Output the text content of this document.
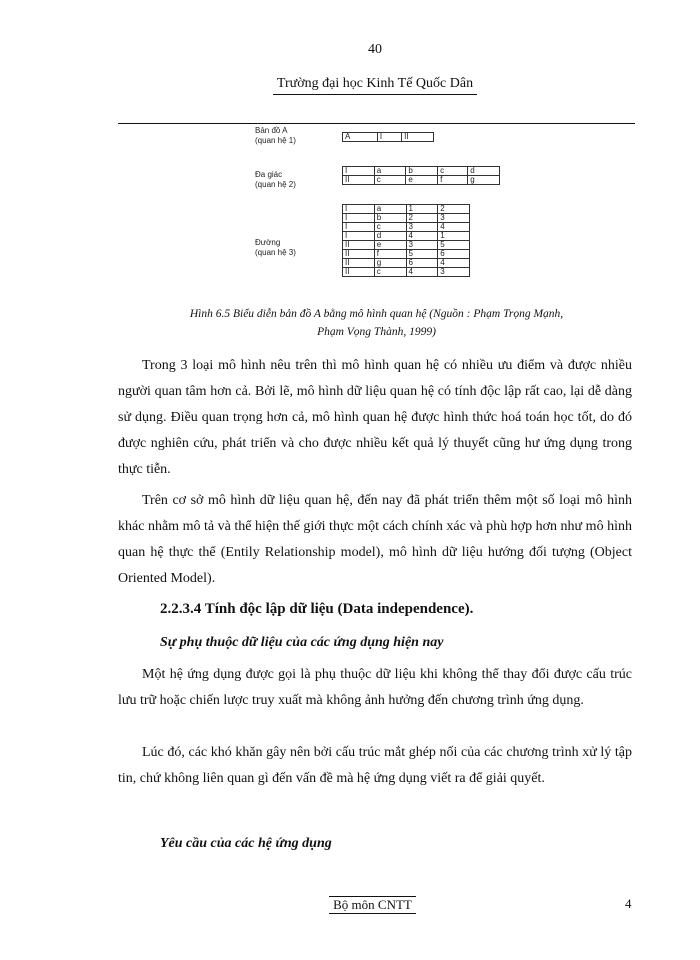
40
Trường đại học Kinh Tế Quốc Dân
Bản đồ A
(quan hệ 1)	A	I	II
Đa giác
(quan hệ 2)
I	a	b	c	d
II	c	e	f	g
Đường
(quan hệ 3)
I	a	1	2
I	b	2	3
I	c	3	4
I	d	4	1
II	e	3	5
II	f	5	6
II	g	6	4
II	c	4	3
Hình 6.5 Biểu diễn bản đồ A bằng mô hình quan hệ (Nguồn : Phạm Trọng Mạnh,
Phạm Vọng Thành, 1999)
Trong 3 loại mô hình nêu trên thì mô hình quan hệ có nhiều ưu điểm và được nhiều người quan tâm hơn cả. Bởi lẽ, mô hình dữ liệu quan hệ có tính độc lập rất cao, lại dễ dàng sử dụng. Điều quan trọng hơn cả, mô hình quan hệ được hình thức hoá toán học tốt, do đó được nghiên cứu, phát triển và cho được nhiều kết quả lý thuyết cũng hư ứng dụng trong thực tiễn.
Trên cơ sở mô hình dữ liệu quan hệ, đến nay đã phát triển thêm một số loại mô hình khác nhằm mô tả và thể hiện thế giới thực một cách chính xác và phù hợp hơn như mô hình quan hệ thực thể (Entily Relationship model), mô hình dữ liệu hướng đối tượng (Object Oriented Model).
2.2.3.4 Tính độc lập dữ liệu (Data independence).
Sự phụ thuộc dữ liệu của các ứng dụng hiện nay
Một hệ ứng dụng được gọi là phụ thuộc dữ liệu khi không thể thay đổi được cấu trúc lưu trữ hoặc chiến lược truy xuất mà không ảnh hưởng đến chương trình ứng dụng.
Lúc đó, các khó khăn gây nên bởi cấu trúc mắt ghép nối của các chương trình xử lý tập tin, chứ không liên quan gì đến vấn đề mà hệ ứng dụng viết ra để giải quyết.
Yêu cầu của các hệ ứng dụng
Bộ môn CNTT	4
